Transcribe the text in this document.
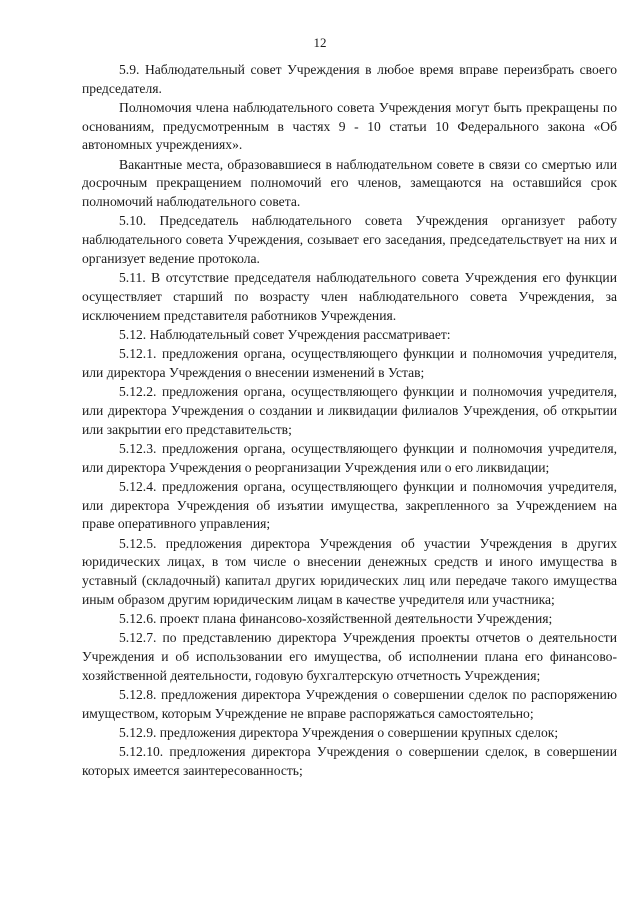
12

5.9. Наблюдательный совет Учреждения в любое время вправе переизбрать своего председателя.

Полномочия члена наблюдательного совета Учреждения могут быть прекращены по основаниям, предусмотренным в частях 9 - 10 статьи 10 Федерального закона «Об автономных учреждениях».

Вакантные места, образовавшиеся в наблюдательном совете в связи со смертью или досрочным прекращением полномочий его членов, замещаются на оставшийся срок полномочий наблюдательного совета.

5.10. Председатель наблюдательного совета Учреждения организует работу наблюдательного совета Учреждения, созывает его заседания, председательствует на них и организует ведение протокола.

5.11. В отсутствие председателя наблюдательного совета Учреждения его функции осуществляет старший по возрасту член наблюдательного совета Учреждения, за исключением представителя работников Учреждения.

5.12. Наблюдательный совет Учреждения рассматривает:

5.12.1. предложения органа, осуществляющего функции и полномочия учредителя, или директора Учреждения о внесении изменений в Устав;

5.12.2. предложения органа, осуществляющего функции и полномочия учредителя, или директора Учреждения о создании и ликвидации филиалов Учреждения, об открытии или закрытии его представительств;

5.12.3. предложения органа, осуществляющего функции и полномочия учредителя, или директора Учреждения о реорганизации Учреждения или о его ликвидации;

5.12.4. предложения органа, осуществляющего функции и полномочия учредителя, или директора Учреждения об изъятии имущества, закрепленного за Учреждением на праве оперативного управления;

5.12.5. предложения директора Учреждения об участии Учреждения в других юридических лицах, в том числе о внесении денежных средств и иного имущества в уставный (складочный) капитал других юридических лиц или передаче такого имущества иным образом другим юридическим лицам в качестве учредителя или участника;

5.12.6. проект плана финансово-хозяйственной деятельности Учреждения;

5.12.7. по представлению директора Учреждения проекты отчетов о деятельности Учреждения и об использовании его имущества, об исполнении плана его финансово-хозяйственной деятельности, годовую бухгалтерскую отчетность Учреждения;

5.12.8. предложения директора Учреждения о совершении сделок по распоряжению имуществом, которым Учреждение не вправе распоряжаться самостоятельно;

5.12.9. предложения директора Учреждения о совершении крупных сделок;

5.12.10. предложения директора Учреждения о совершении сделок, в совершении которых имеется заинтересованность;
